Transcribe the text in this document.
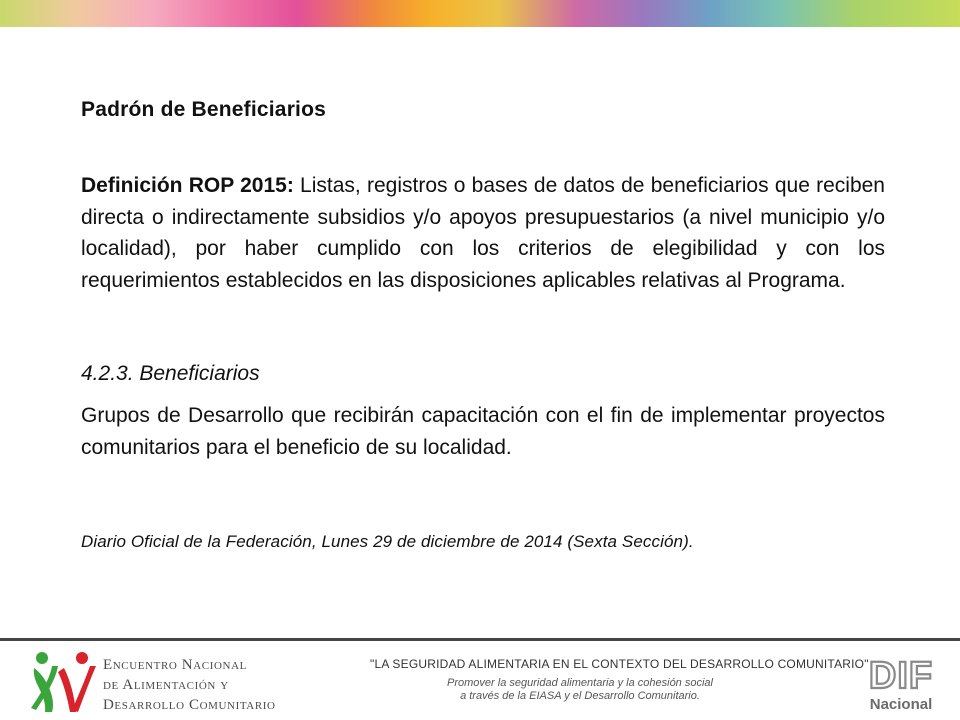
Padrón de Beneficiarios
Definición ROP 2015: Listas, registros o bases de datos de beneficiarios que reciben directa o indirectamente subsidios y/o apoyos presupuestarios (a nivel municipio y/o localidad), por haber cumplido con los criterios de elegibilidad y con los requerimientos establecidos en las disposiciones aplicables relativas al Programa.
4.2.3. Beneficiarios
Grupos de Desarrollo que recibirán capacitación con el fin de implementar proyectos comunitarios para el beneficio de su localidad.
Diario Oficial de la Federación, Lunes 29 de diciembre de 2014 (Sexta Sección).
XV
Encuentro Nacional
de Alimentación y
Desarrollo Comunitario
"LA SEGURIDAD ALIMENTARIA EN EL CONTEXTO DEL DESARROLLO COMUNITARIO"
Promover la seguridad alimentaria y la cohesión social
a través de la EIASA y el Desarrollo Comunitario.	DIF
Nacional
